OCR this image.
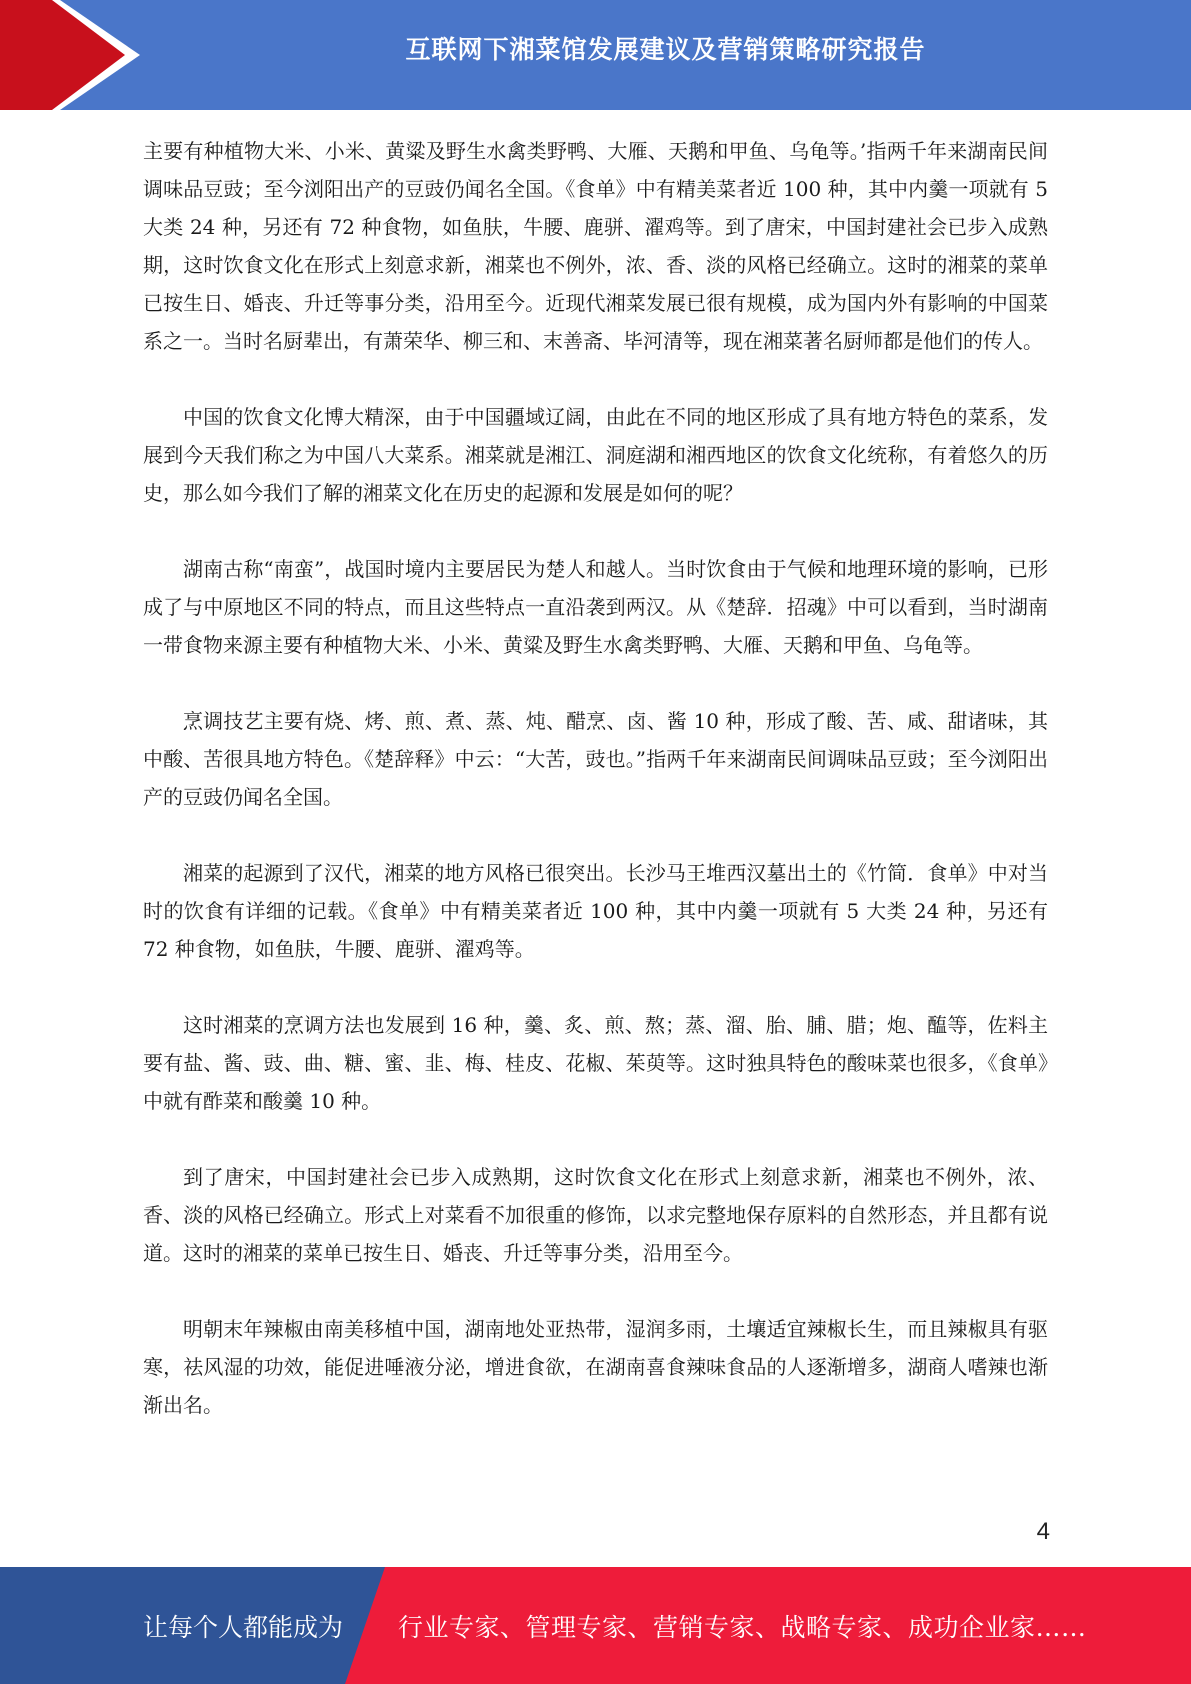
互联网下湘菜馆发展建议及营销策略研究报告

主要有种植物大米、小米、黄粱及野生水禽类野鸭、大雁、天鹅和甲鱼、乌龟等。’指两千年来湖南民间调味品豆豉；至今浏阳出产的豆豉仍闻名全国。《食单》中有精美菜者近 100 种，其中内羹一项就有 5 大类 24 种，另还有 72 种食物，如鱼肤，牛腰、鹿骈、濯鸡等。到了唐宋，中国封建社会已步入成熟期，这时饮食文化在形式上刻意求新，湘菜也不例外，浓、香、淡的风格已经确立。这时的湘菜的菜单已按生日、婚丧、升迁等事分类，沿用至今。近现代湘菜发展已很有规模，成为国内外有影响的中国菜系之一。当时名厨辈出，有萧荣华、柳三和、末善斋、毕河清等，现在湘菜著名厨师都是他们的传人。

中国的饮食文化博大精深，由于中国疆域辽阔，由此在不同的地区形成了具有地方特色的菜系，发展到今天我们称之为中国八大菜系。湘菜就是湘江、洞庭湖和湘西地区的饮食文化统称，有着悠久的历史，那么如今我们了解的湘菜文化在历史的起源和发展是如何的呢？

湖南古称“南蛮”，战国时境内主要居民为楚人和越人。当时饮食由于气候和地理环境的影响，已形成了与中原地区不同的特点，而且这些特点一直沿袭到两汉。从《楚辞．招魂》中可以看到，当时湖南一带食物来源主要有种植物大米、小米、黄粱及野生水禽类野鸭、大雁、天鹅和甲鱼、乌龟等。

烹调技艺主要有烧、烤、煎、煮、蒸、炖、醋烹、卤、酱 10 种，形成了酸、苦、咸、甜诸味，其中酸、苦很具地方特色。《楚辞释》中云：“大苦，豉也。”指两千年来湖南民间调味品豆豉；至今浏阳出产的豆豉仍闻名全国。

湘菜的起源到了汉代，湘菜的地方风格已很突出。长沙马王堆西汉墓出土的《竹简．食单》中对当时的饮食有详细的记载。《食单》中有精美菜者近 100 种，其中内羹一项就有 5 大类 24 种，另还有 72 种食物，如鱼肤，牛腰、鹿骈、濯鸡等。

这时湘菜的烹调方法也发展到 16 种，羹、炙、煎、熬；蒸、溜、胎、脯、腊；炮、醢等，佐料主要有盐、酱、豉、曲、糖、蜜、韭、梅、桂皮、花椒、茱萸等。这时独具特色的酸味菜也很多，《食单》中就有酢菜和酸羹 10 种。

到了唐宋，中国封建社会已步入成熟期，这时饮食文化在形式上刻意求新，湘菜也不例外，浓、香、淡的风格已经确立。形式上对菜看不加很重的修饰，以求完整地保存原料的自然形态，并且都有说道。这时的湘菜的菜单已按生日、婚丧、升迁等事分类，沿用至今。

明朝末年辣椒由南美移植中国，湖南地处亚热带，湿润多雨，土壤适宜辣椒长生，而且辣椒具有驱寒，祛风湿的功效，能促进唾液分泌，增进食欲，在湖南喜食辣味食品的人逐渐增多，湖商人嗜辣也渐渐出名。

4
让每个人都能成为 行业专家、管理专家、营销专家、战略专家、成功企业家……
